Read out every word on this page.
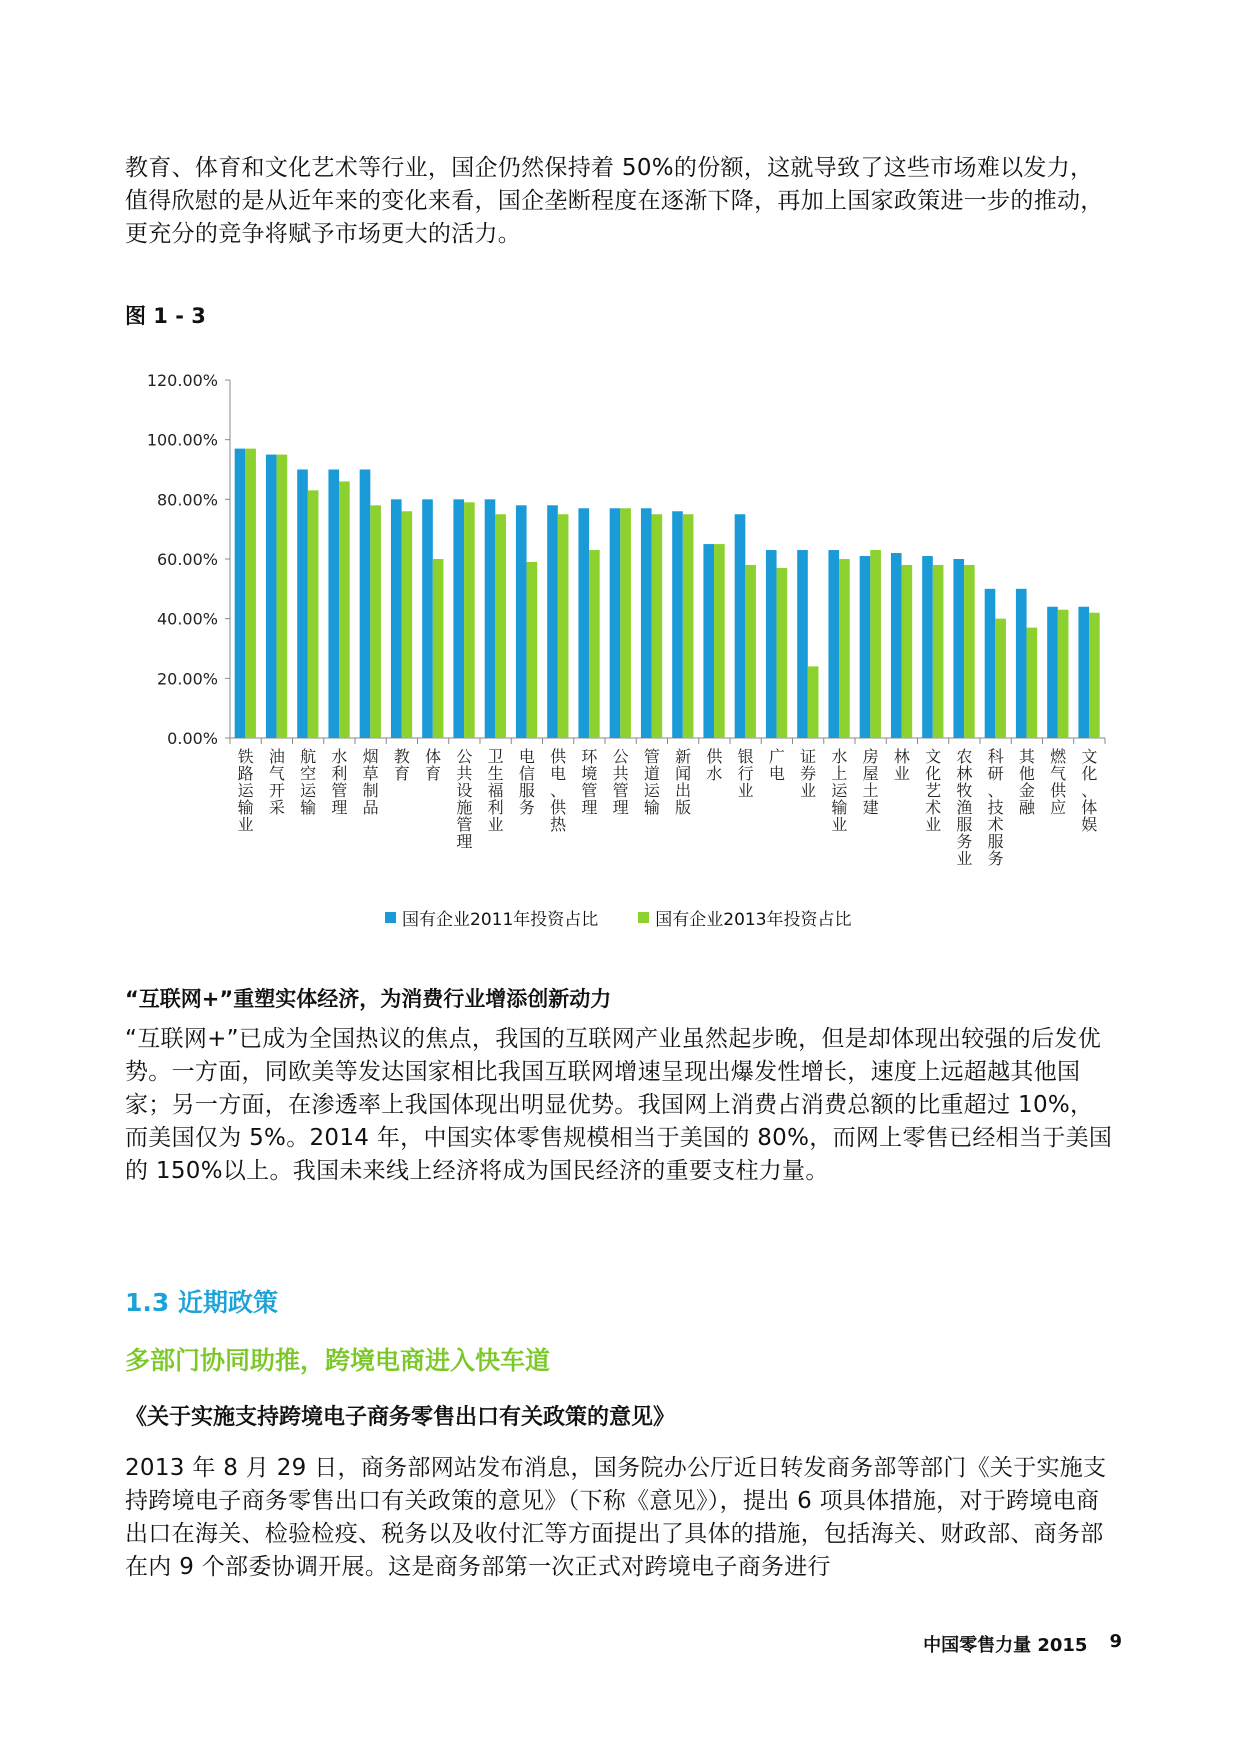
教育、体育和文化艺术等行业，国企仍然保持着 50%的份额，这就导致了这些市场难以发力，值得欣慰的是从近年来的变化来看，国企垄断程度在逐渐下降，再加上国家政策进一步的推动，更充分的竞争将赋予市场更大的活力。

图 1 - 3
0.00%
20.00%
40.00%
60.00%
80.00%
100.00%
120.00%
铁路运输业
油气开采
航空运输
水利管理
烟草制品
教育
体育
公共设施管理
卫生福利业
电信服务
供电、供热
环境管理
公共管理
管道运输
新闻出版
供水
银行业
广电
证券业
水上运输业
房屋土建
林业
文化艺术业
农林牧渔服务业
科研、技术服务
其他金融
燃气供应
文化、体娱
国有企业2011年投资占比	国有企业2013年投资占比
“互联网+”重塑实体经济，为消费行业增添创新动力

“互联网+”已成为全国热议的焦点，我国的互联网产业虽然起步晚，但是却体现出较强的后发优势。一方面，同欧美等发达国家相比我国互联网增速呈现出爆发性增长，速度上远超越其他国家；另一方面，在渗透率上我国体现出明显优势。我国网上消费占消费总额的比重超过 10%，而美国仅为 5%。2014 年，中国实体零售规模相当于美国的 80%，而网上零售已经相当于美国的 150%以上。我国未来线上经济将成为国民经济的重要支柱力量。

1.3 近期政策
多部门协同助推，跨境电商进入快车道
《关于实施支持跨境电子商务零售出口有关政策的意见》

2013 年 8 月 29 日，商务部网站发布消息，国务院办公厅近日转发商务部等部门《关于实施支持跨境电子商务零售出口有关政策的意见》（下称《意见》），提出 6 项具体措施，对于跨境电商出口在海关、检验检疫、税务以及收付汇等方面提出了具体的措施，包括海关、财政部、商务部在内 9 个部委协调开展。这是商务部第一次正式对跨境电子商务进行

中国零售力量 2015 9
